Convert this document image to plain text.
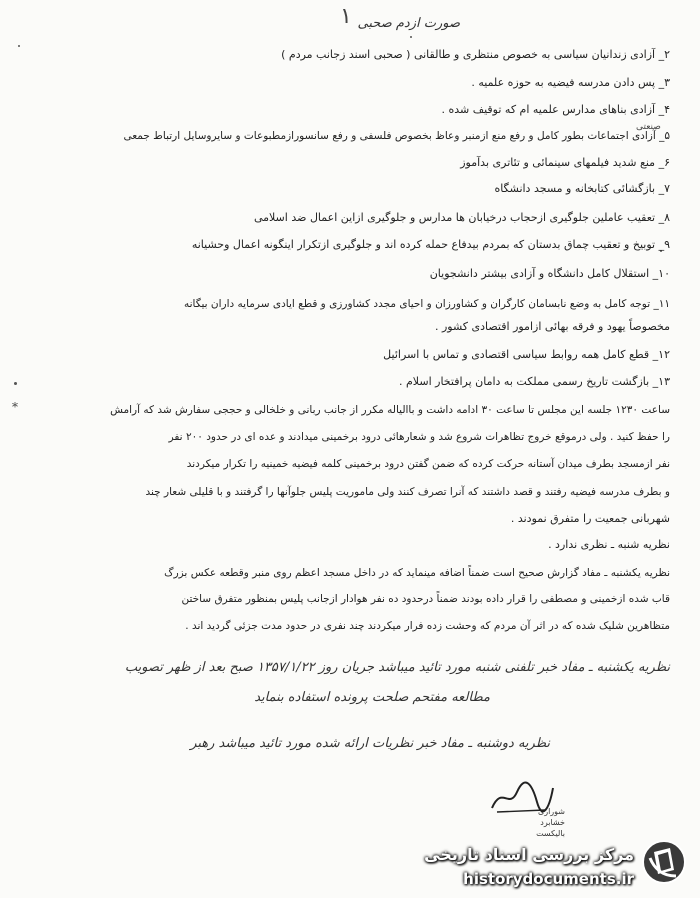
۱ صورت ازدم صحبی
صنعتی
*
۲_ آزادی زندانیان سیاسی به خصوص منتظری و طالقانی ( صحبی اسند زجانب مردم )
۳_ پس دادن مدرسه فیضیه به حوزه علمیه .
۴_ آزادی بناهای مدارس علمیه ام که توقیف شده .
۵_ آزادی اجتماعات بطور کامل و رفع منع ازمنبر وعاظ بخصوص فلسفی و رفع سانسورازمطبوعات و سایروسایل ارتباط جمعی
۶_ منع شدید فیلمهای سینمائی و تئاتری بدآموز
۷_ بازگشائی کتابخانه و مسجد دانشگاه
۸_ تعقیب عاملین جلوگیری ازحجاب درخیابان ها مدارس و جلوگیری ازاین اعمال ضد اسلامی
۹_ توبیخ و تعقیب چماق بدستان که بمردم بیدفاع حمله کرده اند و جلوگیری ازتکرار اینگونه اعمال وحشیانه
۱۰_ استقلال کامل دانشگاه و آزادی بیشتر دانشجویان
۱۱_ توجه کامل به وضع نابسامان کارگران و کشاورزان و احیای مجدد کشاورزی و قطع ایادی سرمایه داران بیگانه
مخصوصاً یهود و فرقه بهائی ازامور اقتصادی کشور .
۱۲_ قطع کامل همه روابط سیاسی اقتصادی و تماس با اسرائیل
۱۳_ بازگشت تاریخ رسمی مملکت به دامان پرافتخار اسلام .
ساعت ۱۲۳۰ جلسه این مجلس تا ساعت ۳۰ ادامه داشت و باالیاله مکرر از جانب ربانی و خلخالی و حججی سفارش شد که آرامش
را حفظ کنید . ولی درموقع خروج تظاهرات شروع شد و شعارهائی درود برخمینی میدادند و عده ای در حدود ۲۰۰ نفر
نفر ازمسجد بطرف میدان آستانه حرکت کرده که ضمن گفتن درود برخمینی کلمه فیضیه خمینیه را تکرار میکردند
و بطرف مدرسه فیضیه رفتند و قصد داشتند که آنرا تصرف کنند ولی ماموریت پلیس جلوآنها را گرفتند و با قلیلی شعار چند
شهربانی جمعیت را متفرق نمودند .
نظریه شنبه ـ نظری ندارد .
نظریه یکشنبه ـ مفاد گزارش صحیح است ضمناً اضافه مینماید که در داخل مسجد اعظم روی منبر وقطعه عکس بزرگ
قاب شده ازخمینی و مصطفی را قرار داده بودند ضمناً درحدود ده نفر هوادار ازجانب پلیس بمنظور متفرق ساختن
متظاهرین شلیک شده که در اثر آن مردم که وحشت زده فرار میکردند چند نفری در حدود مدت جزئی گردید اند .
نظریه یکشنبه ـ مفاد خبر تلفنی شنبه مورد تائید میباشد جریان روز ۱۳۵۷/۱/۲۲ صبح بعد از ظهر تصویب
مطالعه مفتحم صلحت پرونده استفاده بنماید
نظریه دوشنبه ـ مفاد خبر نظریات ارائه شده مورد تائید میباشد رهبر
شوراری
خشابرد
بالیکست
مرکز بررسی اسناد تاریخی
historydocuments.ir
